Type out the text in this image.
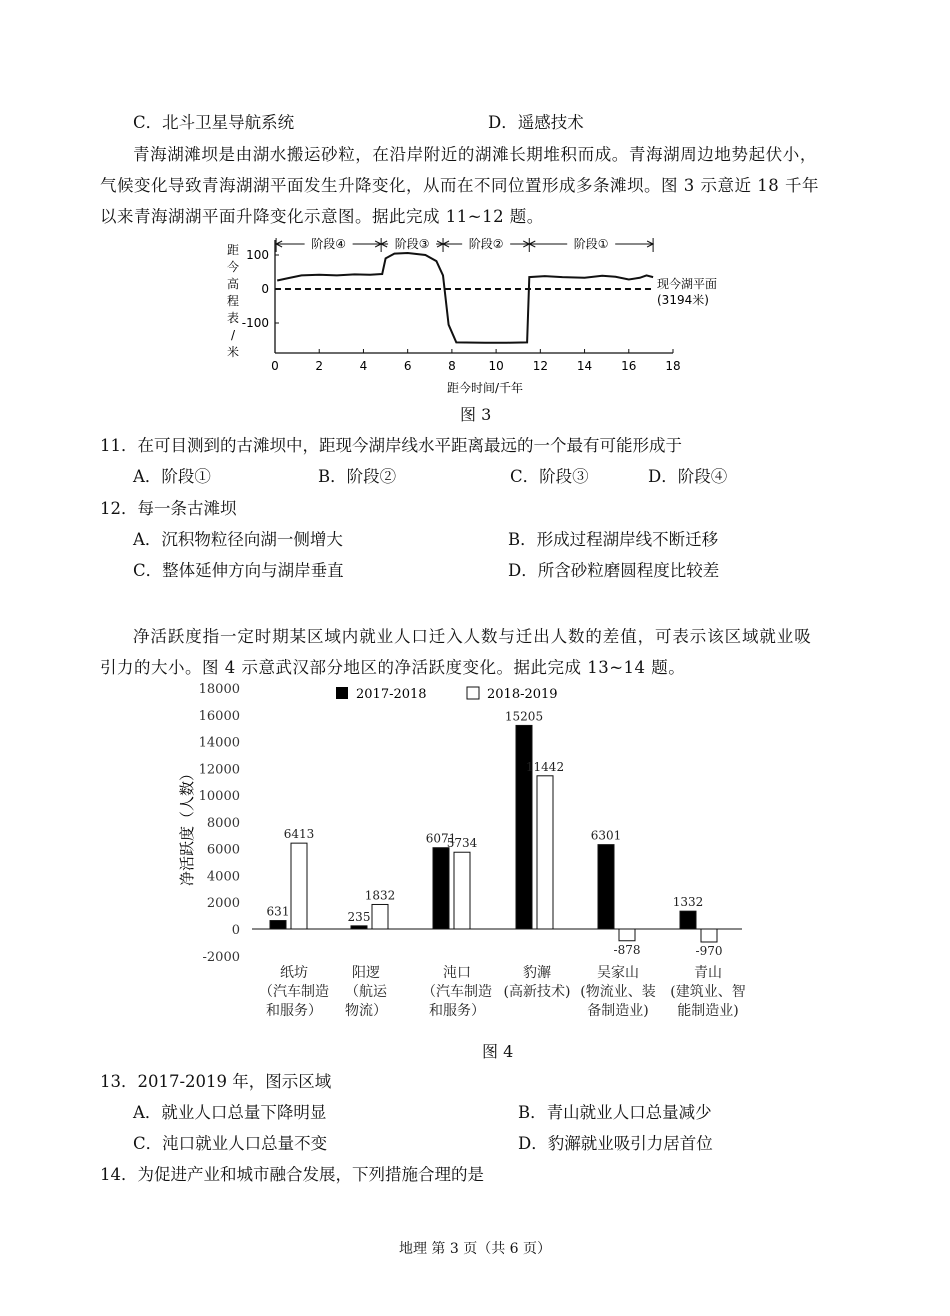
C．北斗卫星导航系统	D．遥感技术
青海湖滩坝是由湖水搬运砂粒，在沿岸附近的湖滩长期堆积而成。青海湖周边地势起伏小，
气候变化导致青海湖湖平面发生升降变化，从而在不同位置形成多条滩坝。图 3 示意近 18 千年
以来青海湖湖平面升降变化示意图。据此完成 11~12 题。
距
今
高
程
表
/
米
100
0
-100
0	2	4	6	8	10 12 14 16 18
阶段④	阶段③	阶段②	阶段①
现今湖平面
(3194米)
距今时间/千年
图 3
11．在可目测到的古滩坝中，距现今湖岸线水平距离最远的一个最有可能形成于
A．阶段①	B．阶段②	C．阶段③	D．阶段④
12．每一条古滩坝
A．沉积物粒径向湖一侧增大	B．形成过程湖岸线不断迁移
C．整体延伸方向与湖岸垂直	D．所含砂粒磨圆程度比较差
净活跃度指一定时期某区域内就业人口迁入人数与迁出人数的差值，可表示该区域就业吸
引力的大小。图 4 示意武汉部分地区的净活跃度变化。据此完成 13~14 题。
净活跃度（人数）
2017-2018	2018-2019
18000
16000
14000
12000
10000
8000
6000
4000
2000
0
-2000
631
6413
235
1832
6071
5734
15205
11442
6301
-878
1332
-970
纸坊
（汽车制造
和服务）
阳逻
（航运
物流）
沌口
（汽车制造
和服务）
豹澥
(高新技术)
吴家山
(物流业、装
备制造业)
青山
(建筑业、智
能制造业)
图 4
13．2017-2019 年，图示区域
A．就业人口总量下降明显	B．青山就业人口总量减少
C．沌口就业人口总量不变	D．豹澥就业吸引力居首位
14．为促进产业和城市融合发展，下列措施合理的是
地理 第 3 页（共 6 页）
